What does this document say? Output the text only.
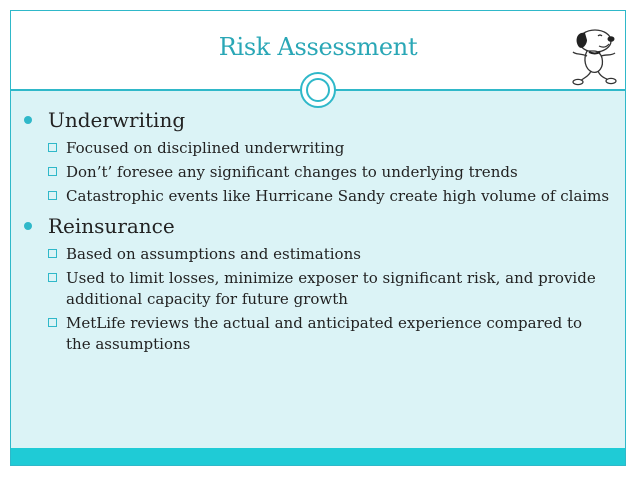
Risk Assessment
Underwriting
Focused on disciplined underwriting
Don’t’ foresee any significant changes to underlying trends
Catastrophic events like Hurricane Sandy create high volume of claims
Reinsurance
Based on assumptions and estimations
Used to limit losses, minimize exposer to significant risk, and provide additional capacity for future growth
MetLife reviews the actual and anticipated experience compared to the assumptions
